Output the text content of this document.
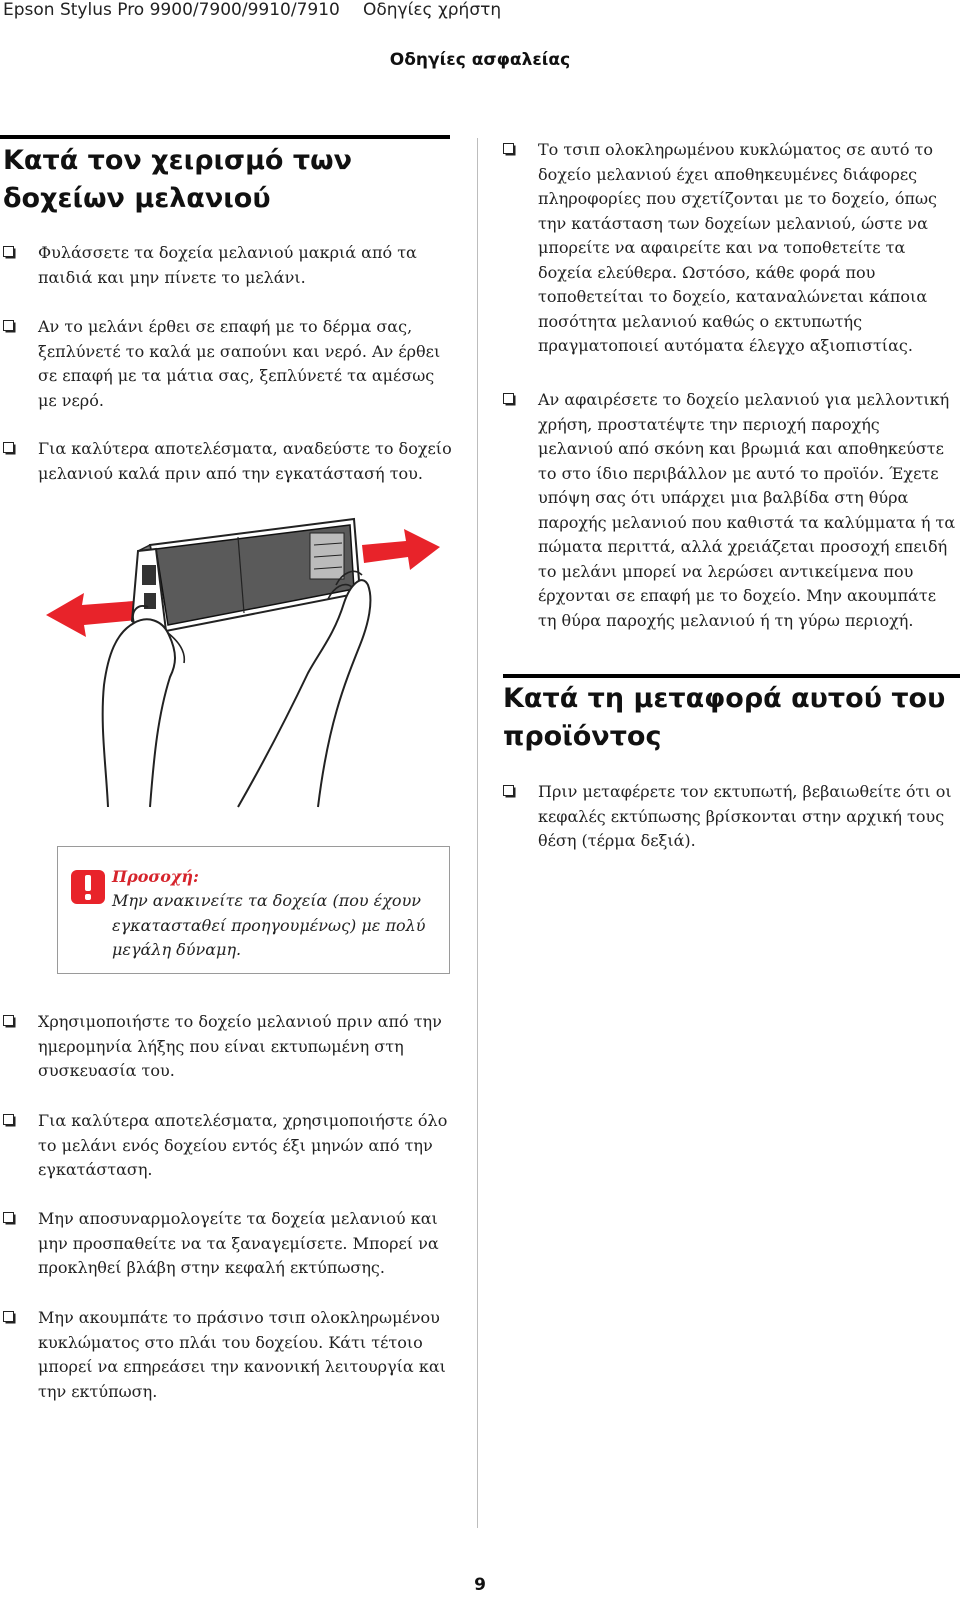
Epson Stylus Pro 9900/7900/9910/7910 Οδηγίες χρήστη
Οδηγίες ασφαλείας
Κατά τον χειρισμό των δοχείων μελανιού
Φυλάσσετε τα δοχεία μελανιού μακριά από τα παιδιά και μην πίνετε το μελάνι.
Αν το μελάνι έρθει σε επαφή με το δέρμα σας, ξεπλύνετέ το καλά με σαπούνι και νερό. Αν έρθει σε επαφή με τα μάτια σας, ξεπλύνετέ τα αμέσως με νερό.
Για καλύτερα αποτελέσματα, αναδεύστε το δοχείο μελανιού καλά πριν από την εγκατάστασή του.
Προσοχή:
Μην ανακινείτε τα δοχεία (που έχουν εγκατασταθεί προηγουμένως) με πολύ μεγάλη δύναμη.
Χρησιμοποιήστε το δοχείο μελανιού πριν από την ημερομηνία λήξης που είναι εκτυπωμένη στη συσκευασία του.
Για καλύτερα αποτελέσματα, χρησιμοποιήστε όλο το μελάνι ενός δοχείου εντός έξι μηνών από την εγκατάσταση.
Μην αποσυναρμολογείτε τα δοχεία μελανιού και μην προσπαθείτε να τα ξαναγεμίσετε. Μπορεί να προκληθεί βλάβη στην κεφαλή εκτύπωσης.
Μην ακουμπάτε το πράσινο τσιπ ολοκληρωμένου κυκλώματος στο πλάι του δοχείου. Κάτι τέτοιο μπορεί να επηρεάσει την κανονική λειτουργία και την εκτύπωση.
Το τσιπ ολοκληρωμένου κυκλώματος σε αυτό το δοχείο μελανιού έχει αποθηκευμένες διάφορες πληροφορίες που σχετίζονται με το δοχείο, όπως την κατάσταση των δοχείων μελανιού, ώστε να μπορείτε να αφαιρείτε και να τοποθετείτε τα δοχεία ελεύθερα. Ωστόσο, κάθε φορά που τοποθετείται το δοχείο, καταναλώνεται κάποια ποσότητα μελανιού καθώς ο εκτυπωτής πραγματοποιεί αυτόματα έλεγχο αξιοπιστίας.
Αν αφαιρέσετε το δοχείο μελανιού για μελλοντική χρήση, προστατέψτε την περιοχή παροχής μελανιού από σκόνη και βρωμιά και αποθηκεύστε το στο ίδιο περιβάλλον με αυτό το προϊόν. Έχετε υπόψη σας ότι υπάρχει μια βαλβίδα στη θύρα παροχής μελανιού που καθιστά τα καλύμματα ή τα πώματα περιττά, αλλά χρειάζεται προσοχή επειδή το μελάνι μπορεί να λερώσει αντικείμενα που έρχονται σε επαφή με το δοχείο. Μην ακουμπάτε τη θύρα παροχής μελανιού ή τη γύρω περιοχή.
Κατά τη μεταφορά αυτού του προϊόντος
Πριν μεταφέρετε τον εκτυπωτή, βεβαιωθείτε ότι οι κεφαλές εκτύπωσης βρίσκονται στην αρχική τους θέση (τέρμα δεξιά).
9
